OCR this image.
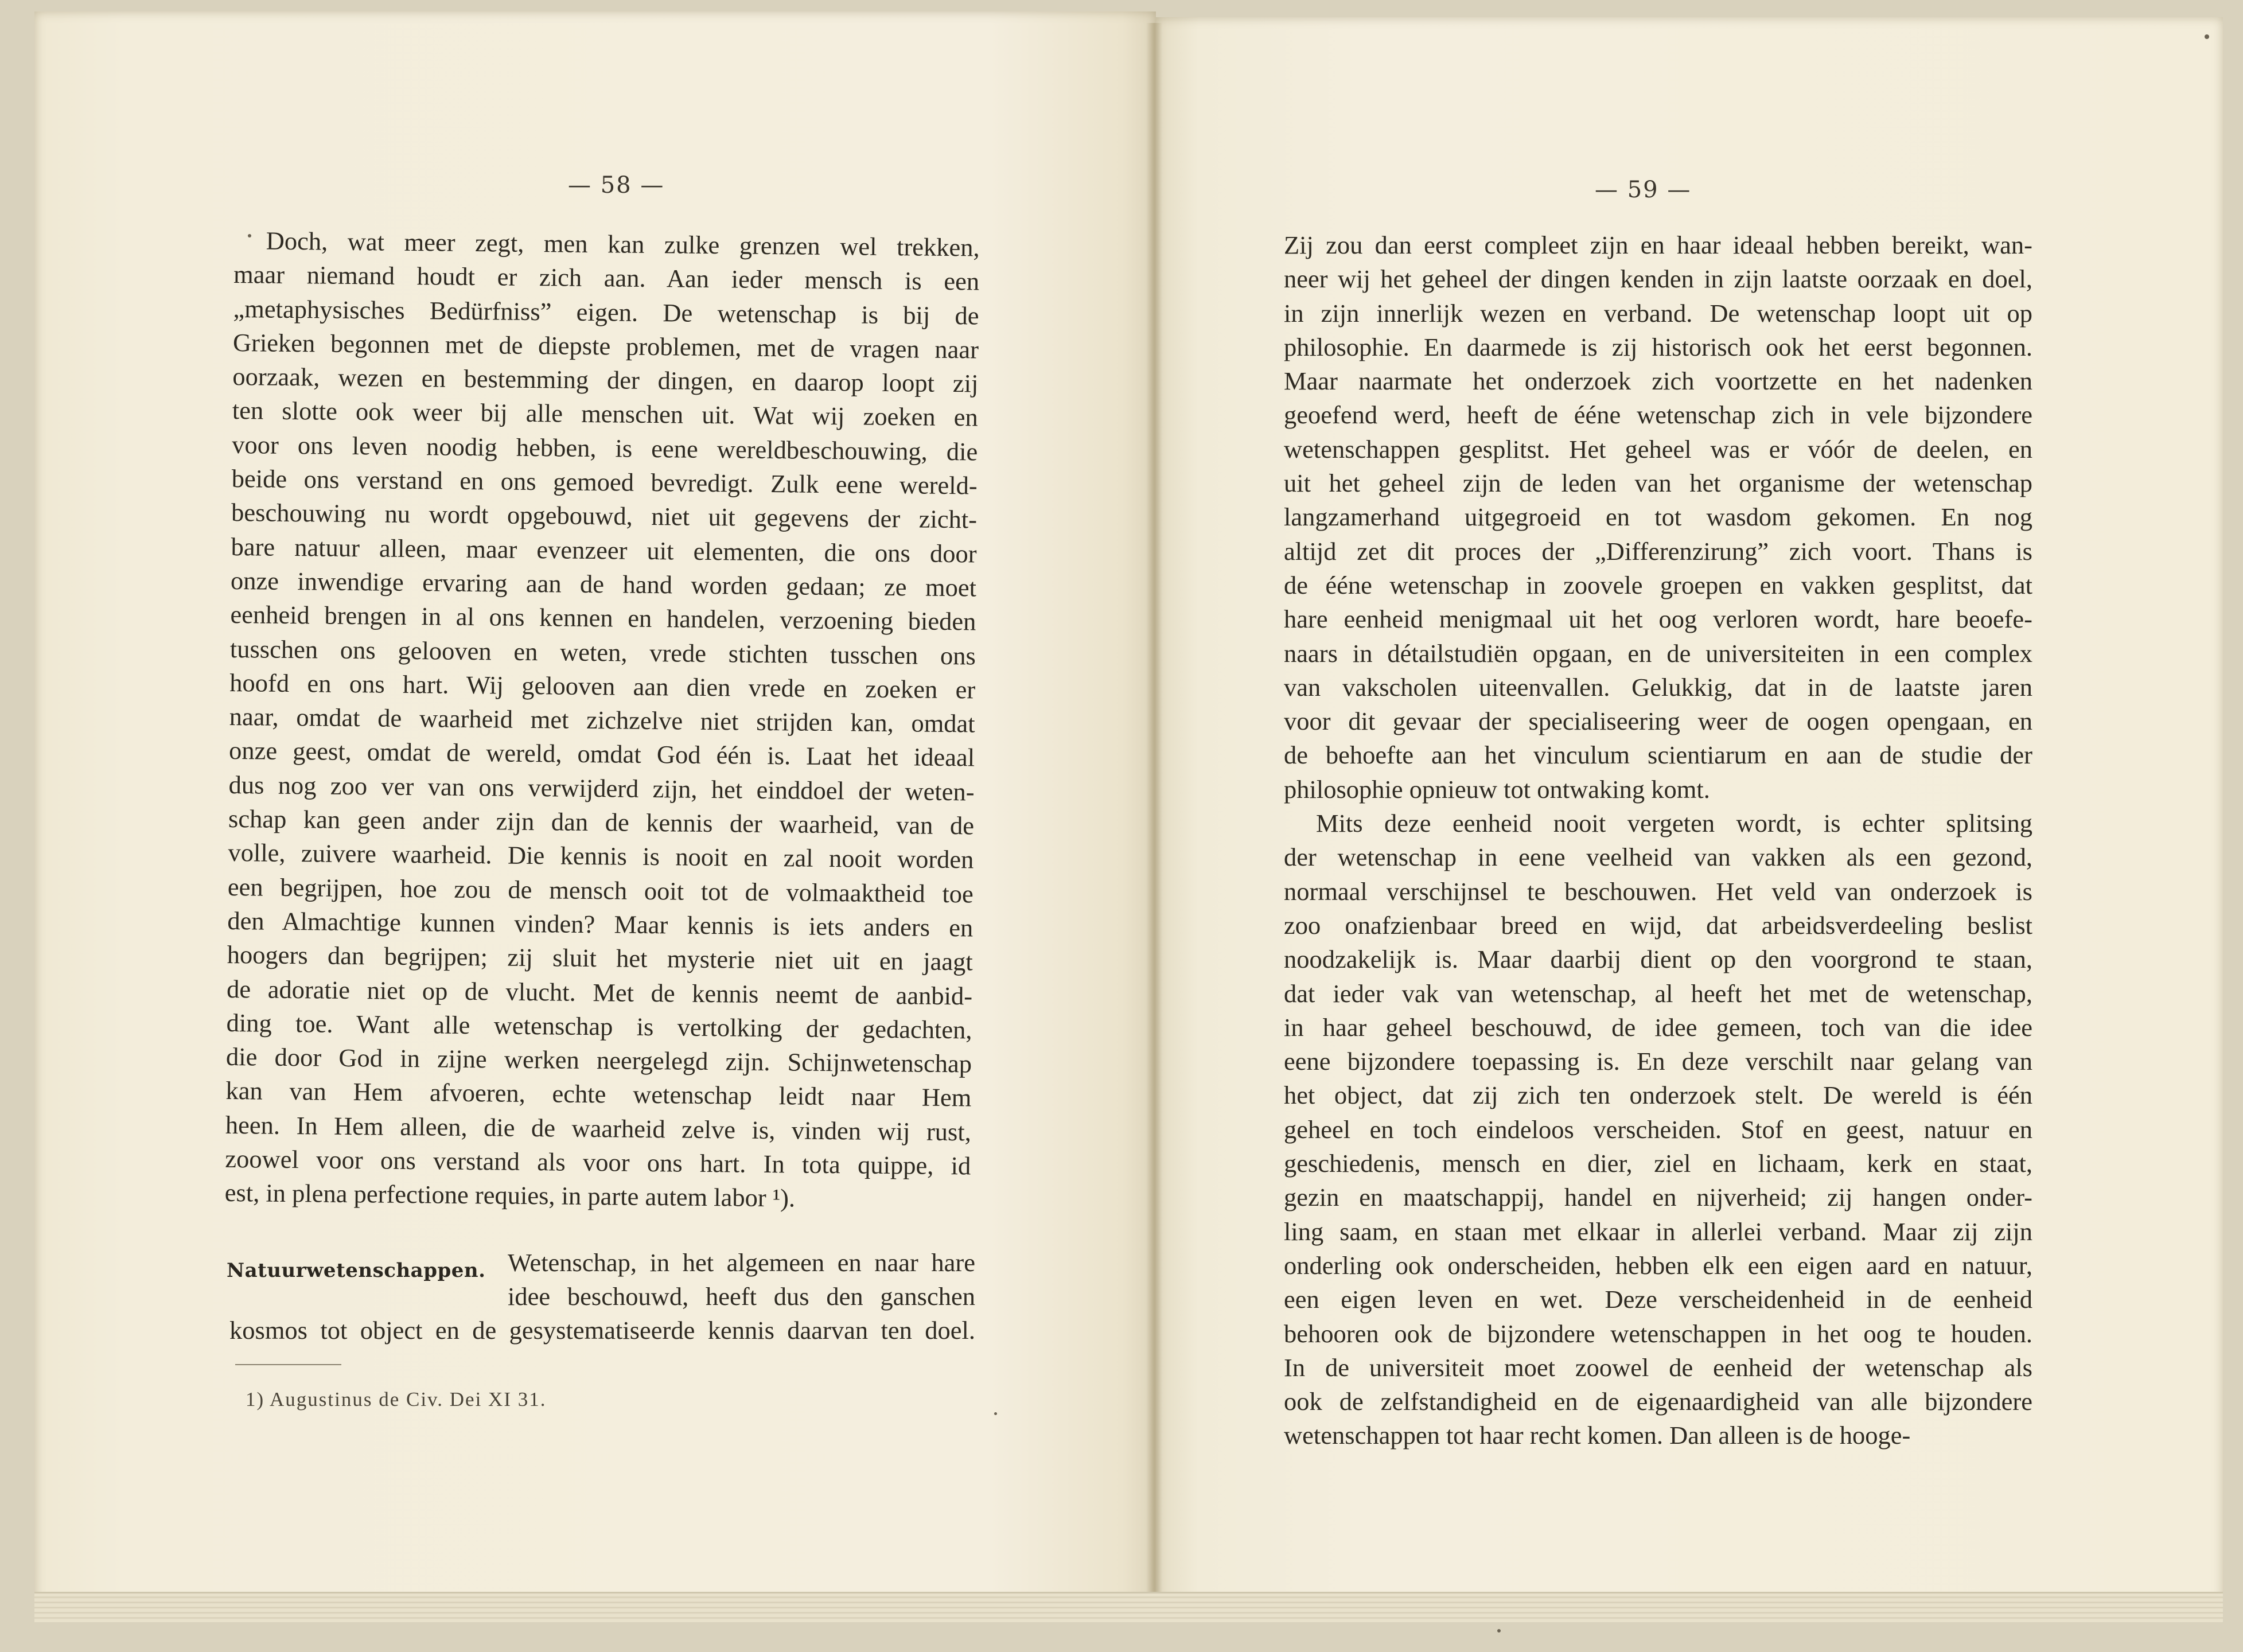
— 58 —	— 59 —
Doch, wat meer zegt, men kan zulke grenzen wel trekken,
maar niemand houdt er zich aan. Aan ieder mensch is een
„metaphysisches Bedürfniss” eigen. De wetenschap is bij de
Grieken begonnen met de diepste problemen, met de vragen naar
oorzaak, wezen en bestemming der dingen, en daarop loopt zij
ten slotte ook weer bij alle menschen uit. Wat wij zoeken en
voor ons leven noodig hebben, is eene wereldbeschouwing, die
beide ons verstand en ons gemoed bevredigt. Zulk eene wereld-
beschouwing nu wordt opgebouwd, niet uit gegevens der zicht-
bare natuur alleen, maar evenzeer uit elementen, die ons door
onze inwendige ervaring aan de hand worden gedaan; ze moet
eenheid brengen in al ons kennen en handelen, verzoening bieden
tusschen ons gelooven en weten, vrede stichten tusschen ons
hoofd en ons hart. Wij gelooven aan dien vrede en zoeken er
naar, omdat de waarheid met zichzelve niet strijden kan, omdat
onze geest, omdat de wereld, omdat God één is. Laat het ideaal
dus nog zoo ver van ons verwijderd zijn, het einddoel der weten-
schap kan geen ander zijn dan de kennis der waarheid, van de
volle, zuivere waarheid. Die kennis is nooit en zal nooit worden
een begrijpen, hoe zou de mensch ooit tot de volmaaktheid toe
den Almachtige kunnen vinden? Maar kennis is iets anders en
hoogers dan begrijpen; zij sluit het mysterie niet uit en jaagt
de adoratie niet op de vlucht. Met de kennis neemt de aanbid-
ding toe. Want alle wetenschap is vertolking der gedachten,
die door God in zijne werken neergelegd zijn. Schijnwetenschap
kan van Hem afvoeren, echte wetenschap leidt naar Hem
heen. In Hem alleen, die de waarheid zelve is, vinden wij rust,
zoowel voor ons verstand als voor ons hart. In tota quippe, id
est, in plena perfectione requies, in parte autem labor ¹).
Natuurwetenschappen. Wetenschap, in het algemeen en naar hare
idee beschouwd, heeft dus den ganschen
kosmos tot object en de gesystematiseerde kennis daarvan ten doel.
1) Augustinus de Civ. Dei XI 31.
Zij zou dan eerst compleet zijn en haar ideaal hebben bereikt, wan-
neer wij het geheel der dingen kenden in zijn laatste oorzaak en doel,
in zijn innerlijk wezen en verband. De wetenschap loopt uit op
philosophie. En daarmede is zij historisch ook het eerst begonnen.
Maar naarmate het onderzoek zich voortzette en het nadenken
geoefend werd, heeft de ééne wetenschap zich in vele bijzondere
wetenschappen gesplitst. Het geheel was er vóór de deelen, en
uit het geheel zijn de leden van het organisme der wetenschap
langzamerhand uitgegroeid en tot wasdom gekomen. En nog
altijd zet dit proces der „Differenzirung” zich voort. Thans is
de ééne wetenschap in zoovele groepen en vakken gesplitst, dat
hare eenheid menigmaal uit het oog verloren wordt, hare beoefe-
naars in détailstudiën opgaan, en de universiteiten in een complex
van vakscholen uiteenvallen. Gelukkig, dat in de laatste jaren
voor dit gevaar der specialiseering weer de oogen opengaan, en
de behoefte aan het vinculum scientiarum en aan de studie der
philosophie opnieuw tot ontwaking komt.
Mits deze eenheid nooit vergeten wordt, is echter splitsing
der wetenschap in eene veelheid van vakken als een gezond,
normaal verschijnsel te beschouwen. Het veld van onderzoek is
zoo onafzienbaar breed en wijd, dat arbeidsverdeeling beslist
noodzakelijk is. Maar daarbij dient op den voorgrond te staan,
dat ieder vak van wetenschap, al heeft het met de wetenschap,
in haar geheel beschouwd, de idee gemeen, toch van die idee
eene bijzondere toepassing is. En deze verschilt naar gelang van
het object, dat zij zich ten onderzoek stelt. De wereld is één
geheel en toch eindeloos verscheiden. Stof en geest, natuur en
geschiedenis, mensch en dier, ziel en lichaam, kerk en staat,
gezin en maatschappij, handel en nijverheid; zij hangen onder-
ling saam, en staan met elkaar in allerlei verband. Maar zij zijn
onderling ook onderscheiden, hebben elk een eigen aard en natuur,
een eigen leven en wet. Deze verscheidenheid in de eenheid
behooren ook de bijzondere wetenschappen in het oog te houden.
In de universiteit moet zoowel de eenheid der wetenschap als
ook de zelfstandigheid en de eigenaardigheid van alle bijzondere
wetenschappen tot haar recht komen. Dan alleen is de hooge-
